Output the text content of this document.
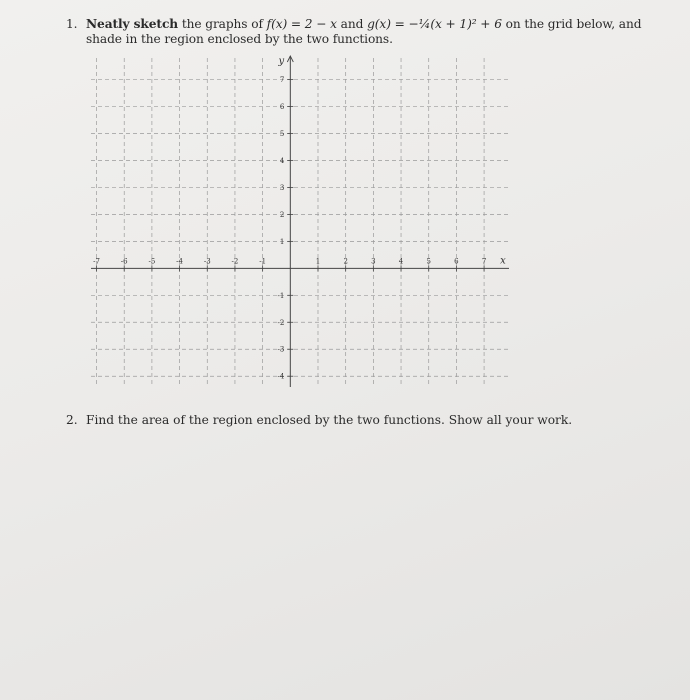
1. Neatly sketch the graphs of f(x) = 2 − x and g(x) = −¼(x + 1)² + 6 on the grid below, and shade in the region enclosed by the two functions.
-7	-6	-5	-4	-3	-2	-1	1	2	3	4	5	6	7
7
6
5
4
3
2
1
-1
-2
-3
-4
x
y
2. Find the area of the region enclosed by the two functions. Show all your work.
